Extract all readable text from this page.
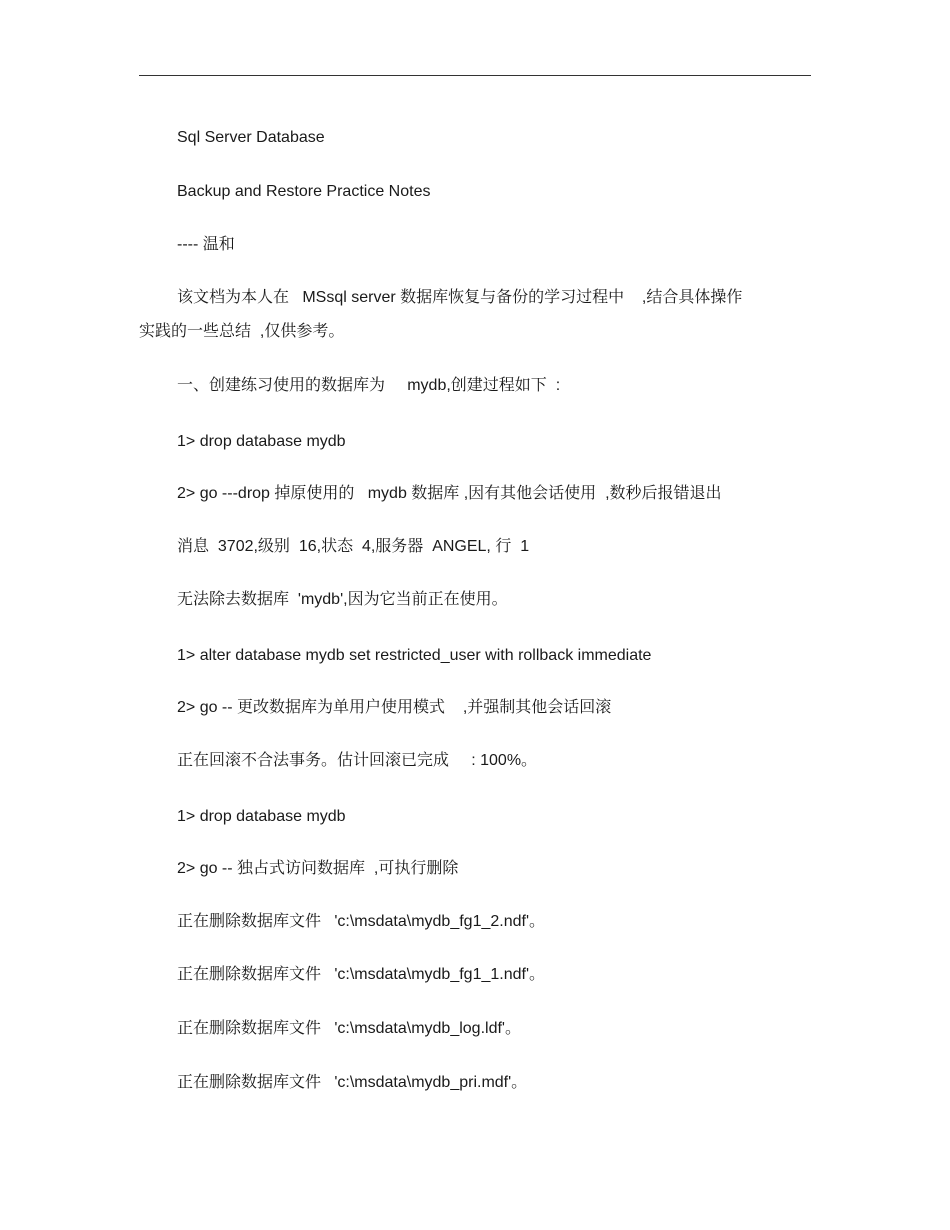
Sql Server Database
Backup and Restore Practice Notes
---- 温和
该文档为本人在   MSsql server 数据库恢复与备份的学习过程中    ,结合具体操作
实践的一些总结  ,仅供参考。
一、创建练习使用的数据库为     mydb,创建过程如下  :
1> drop database mydb
2> go ---drop 掉原使用的   mydb 数据库 ,因有其他会话使用  ,数秒后报错退出
消息  3702,级别  16,状态  4,服务器  ANGEL, 行  1
无法除去数据库  'mydb',因为它当前正在使用。
1> alter database mydb set restricted_user with rollback immediate
2> go -- 更改数据库为单用户使用模式    ,并强制其他会话回滚
正在回滚不合法事务。估计回滚已完成     : 100%。
1> drop database mydb
2> go -- 独占式访问数据库  ,可执行删除
正在删除数据库文件   'c:\msdata\mydb_fg1_2.ndf'。
正在删除数据库文件   'c:\msdata\mydb_fg1_1.ndf'。
正在删除数据库文件   'c:\msdata\mydb_log.ldf'。
正在删除数据库文件   'c:\msdata\mydb_pri.mdf'。
